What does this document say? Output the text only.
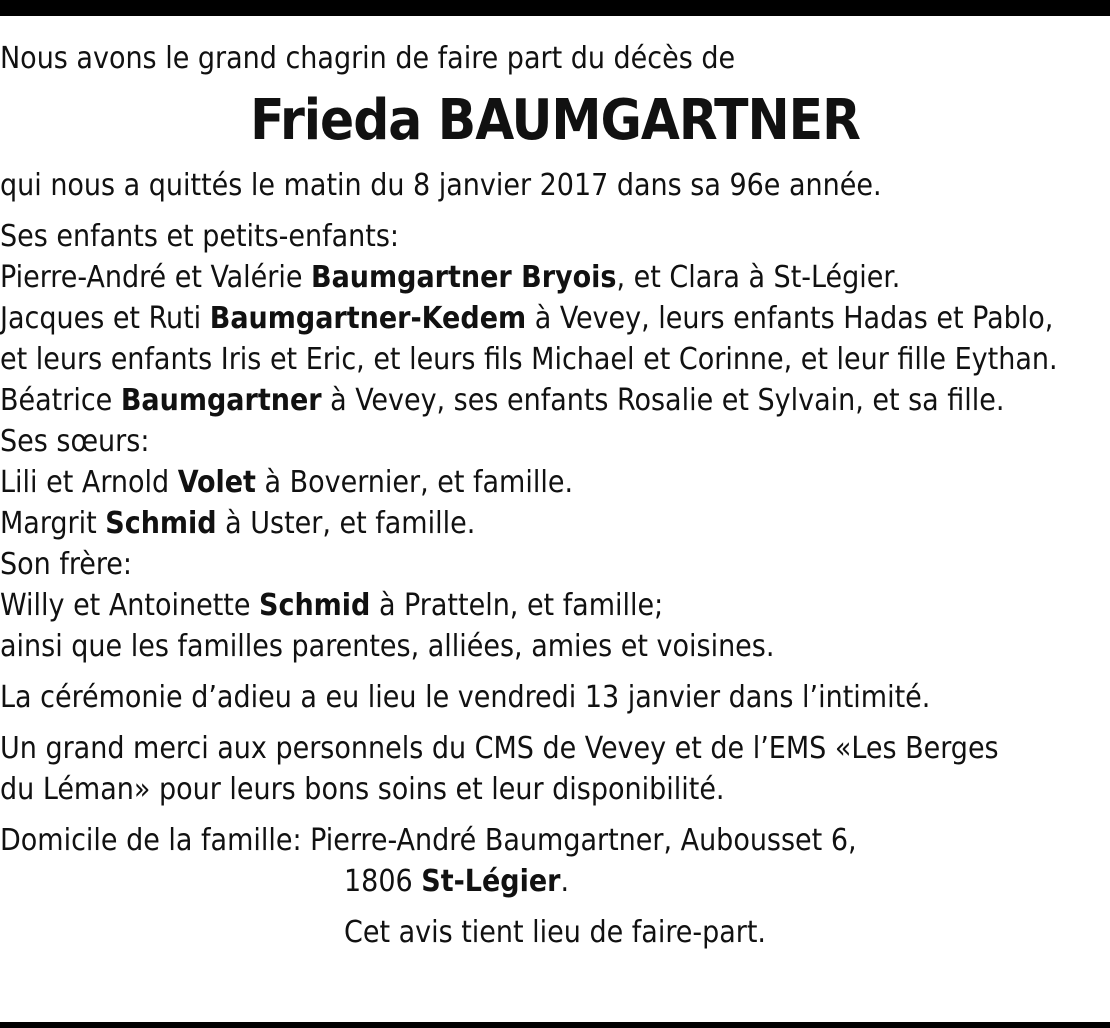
Nous avons le grand chagrin de faire part du décès de

Frieda BAUMGARTNER

qui nous a quittés le matin du 8 janvier 2017 dans sa 96e année.

Ses enfants et petits-enfants:

Pierre-André et Valérie Baumgartner Bryois, et Clara à St-Légier.

Jacques et Ruti Baumgartner-Kedem à Vevey, leurs enfants Hadas et Pablo,

et leurs enfants Iris et Eric, et leurs fils Michael et Corinne, et leur fille Eythan.

Béatrice Baumgartner à Vevey, ses enfants Rosalie et Sylvain, et sa fille.

Ses sœurs:

Lili et Arnold Volet à Bovernier, et famille.

Margrit Schmid à Uster, et famille.

Son frère:

Willy et Antoinette Schmid à Pratteln, et famille;

ainsi que les familles parentes, alliées, amies et voisines.

La cérémonie d’adieu a eu lieu le vendredi 13 janvier dans l’intimité.

Un grand merci aux personnels du CMS de Vevey et de l’EMS «Les Berges

du Léman» pour leurs bons soins et leur disponibilité.

Domicile de la famille: Pierre-André Baumgartner, Aubousset 6,

1806 St-Légier.

Cet avis tient lieu de faire-part.
